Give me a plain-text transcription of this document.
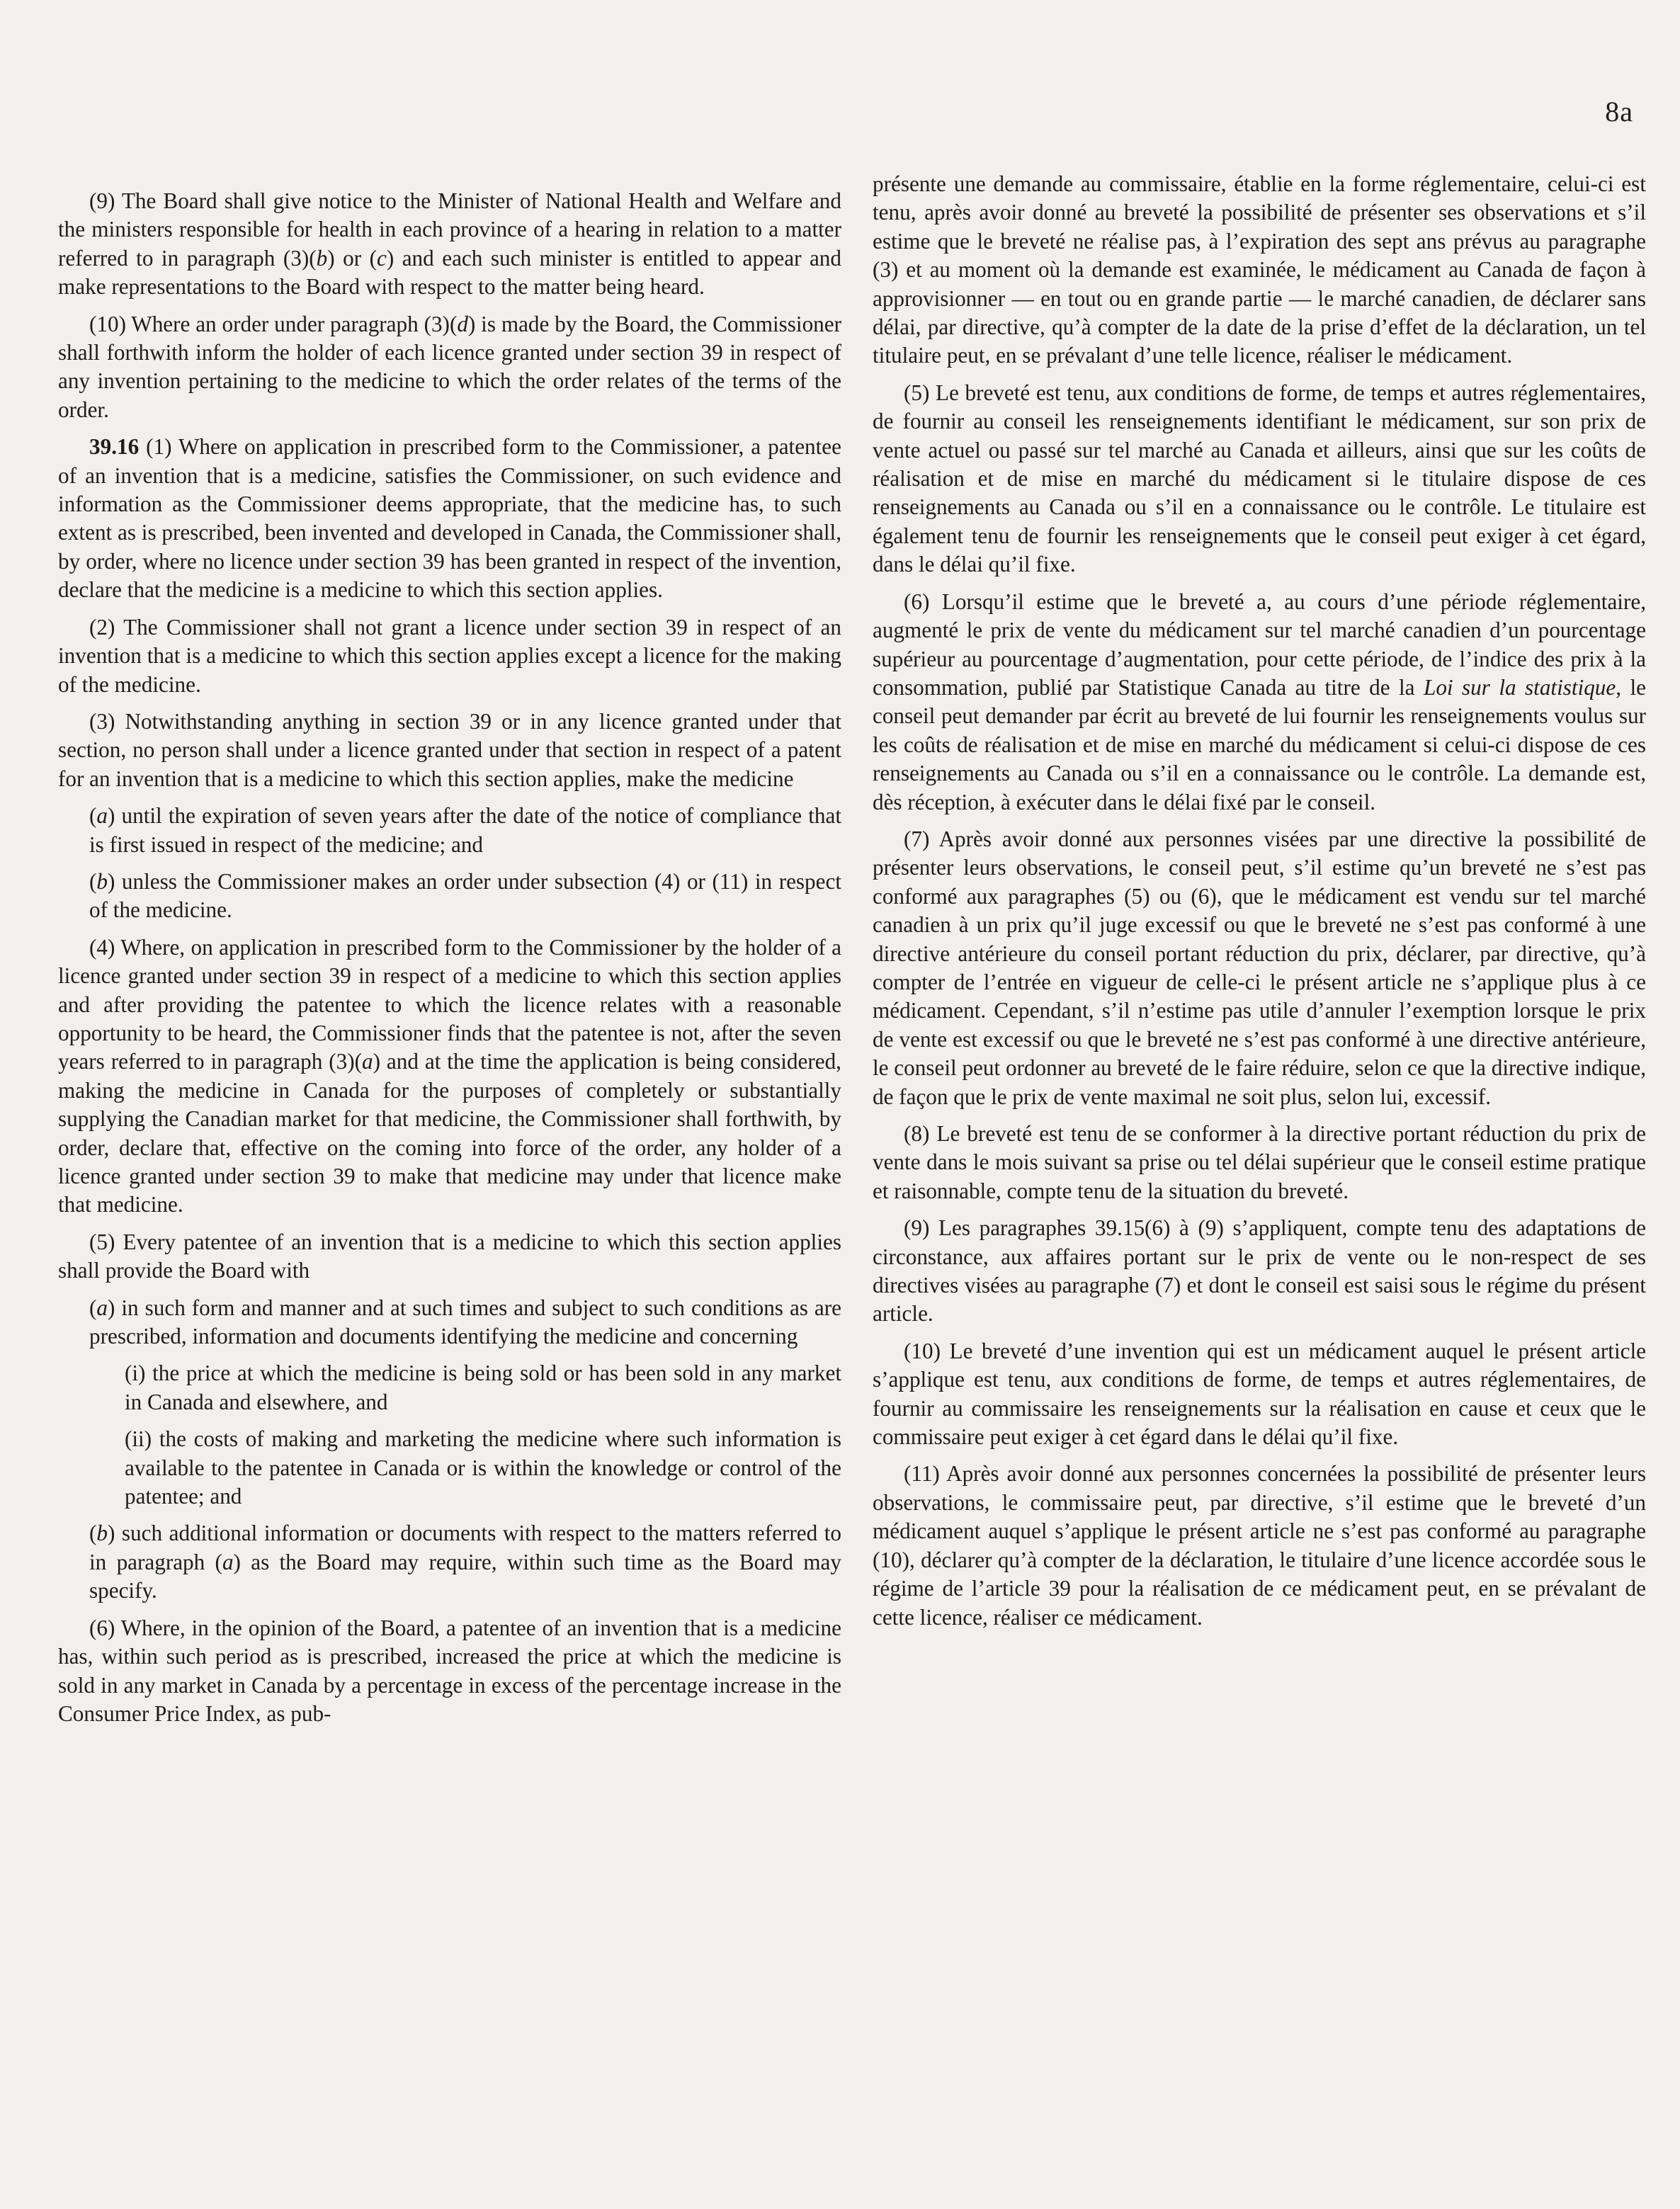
8a

(9) The Board shall give notice to the Minister of National Health and Welfare and the ministers responsible for health in each province of a hearing in relation to a matter referred to in paragraph (3)(b) or (c) and each such minister is entitled to appear and make representations to the Board with respect to the matter being heard.

(10) Where an order under paragraph (3)(d) is made by the Board, the Commissioner shall forthwith inform the holder of each licence granted under section 39 in respect of any invention pertaining to the medicine to which the order relates of the terms of the order.

39.16 (1) Where on application in prescribed form to the Commissioner, a patentee of an invention that is a medicine, satisfies the Commissioner, on such evidence and information as the Commissioner deems appropriate, that the medicine has, to such extent as is prescribed, been invented and developed in Canada, the Commissioner shall, by order, where no licence under section 39 has been granted in respect of the invention, declare that the medicine is a medicine to which this section applies.

(2) The Commissioner shall not grant a licence under section 39 in respect of an invention that is a medicine to which this section applies except a licence for the making of the medicine.

(3) Notwithstanding anything in section 39 or in any licence granted under that section, no person shall under a licence granted under that section in respect of a patent for an invention that is a medicine to which this section applies, make the medicine

(a) until the expiration of seven years after the date of the notice of compliance that is first issued in respect of the medicine; and

(b) unless the Commissioner makes an order under subsection (4) or (11) in respect of the medicine.

(4) Where, on application in prescribed form to the Commissioner by the holder of a licence granted under section 39 in respect of a medicine to which this section applies and after providing the patentee to which the licence relates with a reasonable opportunity to be heard, the Commissioner finds that the patentee is not, after the seven years referred to in paragraph (3)(a) and at the time the application is being considered, making the medicine in Canada for the purposes of completely or substantially supplying the Canadian market for that medicine, the Commissioner shall forthwith, by order, declare that, effective on the coming into force of the order, any holder of a licence granted under section 39 to make that medicine may under that licence make that medicine.

(5) Every patentee of an invention that is a medicine to which this section applies shall provide the Board with

(a) in such form and manner and at such times and subject to such conditions as are prescribed, information and documents identifying the medicine and concerning

(i) the price at which the medicine is being sold or has been sold in any market in Canada and elsewhere, and

(ii) the costs of making and marketing the medicine where such information is available to the patentee in Canada or is within the knowledge or control of the patentee; and

(b) such additional information or documents with respect to the matters referred to in paragraph (a) as the Board may require, within such time as the Board may specify.

(6) Where, in the opinion of the Board, a patentee of an invention that is a medicine has, within such period as is prescribed, increased the price at which the medicine is sold in any market in Canada by a percentage in excess of the percentage increase in the Consumer Price Index, as pub-

présente une demande au commissaire, établie en la forme réglementaire, celui-ci est tenu, après avoir donné au breveté la possibilité de présenter ses observations et s’il estime que le breveté ne réalise pas, à l’expiration des sept ans prévus au paragraphe (3) et au moment où la demande est examinée, le médicament au Canada de façon à approvisionner — en tout ou en grande partie — le marché canadien, de déclarer sans délai, par directive, qu’à compter de la date de la prise d’effet de la déclaration, un tel titulaire peut, en se prévalant d’une telle licence, réaliser le médicament.

(5) Le breveté est tenu, aux conditions de forme, de temps et autres réglementaires, de fournir au conseil les renseignements identifiant le médicament, sur son prix de vente actuel ou passé sur tel marché au Canada et ailleurs, ainsi que sur les coûts de réalisation et de mise en marché du médicament si le titulaire dispose de ces renseignements au Canada ou s’il en a connaissance ou le contrôle. Le titulaire est également tenu de fournir les renseignements que le conseil peut exiger à cet égard, dans le délai qu’il fixe.

(6) Lorsqu’il estime que le breveté a, au cours d’une période réglementaire, augmenté le prix de vente du médicament sur tel marché canadien d’un pourcentage supérieur au pourcentage d’augmentation, pour cette période, de l’indice des prix à la consommation, publié par Statistique Canada au titre de la Loi sur la statistique, le conseil peut demander par écrit au breveté de lui fournir les renseignements voulus sur les coûts de réalisation et de mise en marché du médicament si celui-ci dispose de ces renseignements au Canada ou s’il en a connaissance ou le contrôle. La demande est, dès réception, à exécuter dans le délai fixé par le conseil.

(7) Après avoir donné aux personnes visées par une directive la possibilité de présenter leurs observations, le conseil peut, s’il estime qu’un breveté ne s’est pas conformé aux paragraphes (5) ou (6), que le médicament est vendu sur tel marché canadien à un prix qu’il juge excessif ou que le breveté ne s’est pas conformé à une directive antérieure du conseil portant réduction du prix, déclarer, par directive, qu’à compter de l’entrée en vigueur de celle-ci le présent article ne s’applique plus à ce médicament. Cependant, s’il n’estime pas utile d’annuler l’exemption lorsque le prix de vente est excessif ou que le breveté ne s’est pas conformé à une directive antérieure, le conseil peut ordonner au breveté de le faire réduire, selon ce que la directive indique, de façon que le prix de vente maximal ne soit plus, selon lui, excessif.

(8) Le breveté est tenu de se conformer à la directive portant réduction du prix de vente dans le mois suivant sa prise ou tel délai supérieur que le conseil estime pratique et raisonnable, compte tenu de la situation du breveté.

(9) Les paragraphes 39.15(6) à (9) s’appliquent, compte tenu des adaptations de circonstance, aux affaires portant sur le prix de vente ou le non-respect de ses directives visées au paragraphe (7) et dont le conseil est saisi sous le régime du présent article.

(10) Le breveté d’une invention qui est un médicament auquel le présent article s’applique est tenu, aux conditions de forme, de temps et autres réglementaires, de fournir au commissaire les renseignements sur la réalisation en cause et ceux que le commissaire peut exiger à cet égard dans le délai qu’il fixe.

(11) Après avoir donné aux personnes concernées la possibilité de présenter leurs observations, le commissaire peut, par directive, s’il estime que le breveté d’un médicament auquel s’applique le présent article ne s’est pas conformé au paragraphe (10), déclarer qu’à compter de la déclaration, le titulaire d’une licence accordée sous le régime de l’article 39 pour la réalisation de ce médicament peut, en se prévalant de cette licence, réaliser ce médicament.
